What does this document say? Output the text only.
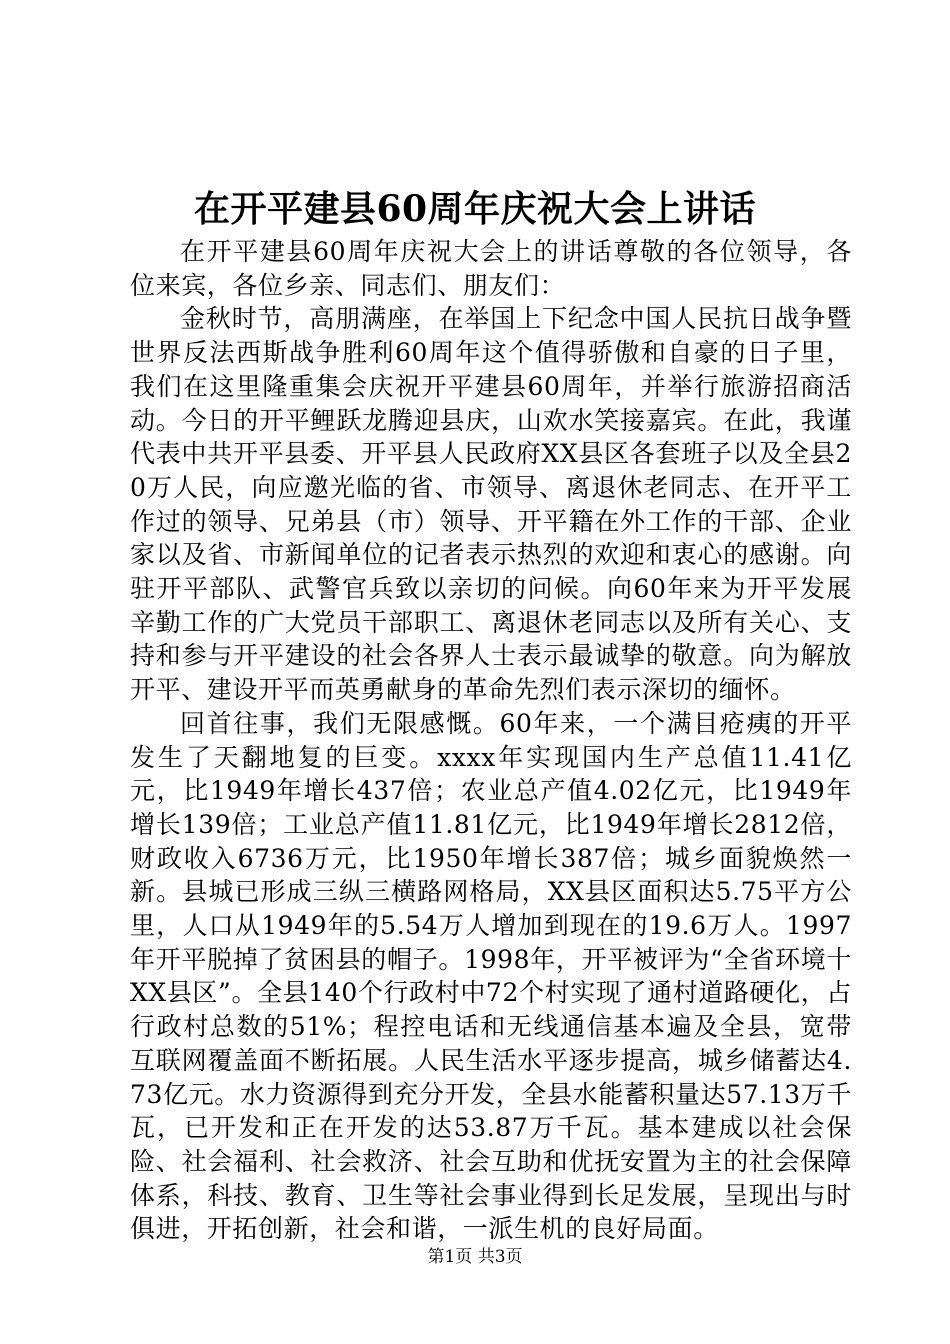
在开平建县60周年庆祝大会上讲话

在开平建县60周年庆祝大会上的讲话尊敬的各位领导，各位来宾，各位乡亲、同志们、朋友们：

金秋时节，高朋满座，在举国上下纪念中国人民抗日战争暨世界反法西斯战争胜利60周年这个值得骄傲和自豪的日子里，我们在这里隆重集会庆祝开平建县60周年，并举行旅游招商活动。今日的开平鲤跃龙腾迎县庆，山欢水笑接嘉宾。在此，我谨代表中共开平县委、开平县人民政府XX县区各套班子以及全县20万人民，向应邀光临的省、市领导、离退休老同志、在开平工作过的领导、兄弟县（市）领导、开平籍在外工作的干部、企业家以及省、市新闻单位的记者表示热烈的欢迎和衷心的感谢。向驻开平部队、武警官兵致以亲切的问候。向60年来为开平发展辛勤工作的广大党员干部职工、离退休老同志以及所有关心、支持和参与开平建设的社会各界人士表示最诚挚的敬意。向为解放开平、建设开平而英勇献身的革命先烈们表示深切的缅怀。

回首往事，我们无限感慨。60年来，一个满目疮痍的开平发生了天翻地复的巨变。xxxx年实现国内生产总值11.41亿元，比1949年增长437倍；农业总产值4.02亿元，比1949年增长139倍；工业总产值11.81亿元，比1949年增长2812倍，财政收入6736万元，比1950年增长387倍；城乡面貌焕然一新。县城已形成三纵三横路网格局，XX县区面积达5.75平方公里，人口从1949年的5.54万人增加到现在的19.6万人。1997年开平脱掉了贫困县的帽子。1998年，开平被评为“全省环境十XX县区”。全县140个行政村中72个村实现了通村道路硬化，占行政村总数的51%；程控电话和无线通信基本遍及全县，宽带互联网覆盖面不断拓展。人民生活水平逐步提高，城乡储蓄达4.73亿元。水力资源得到充分开发，全县水能蓄积量达57.13万千瓦，已开发和正在开发的达53.87万千瓦。基本建成以社会保险、社会福利、社会救济、社会互助和优抚安置为主的社会保障体系，科技、教育、卫生等社会事业得到长足发展，呈现出与时俱进，开拓创新，社会和谐，一派生机的良好局面。

第1页 共3页
